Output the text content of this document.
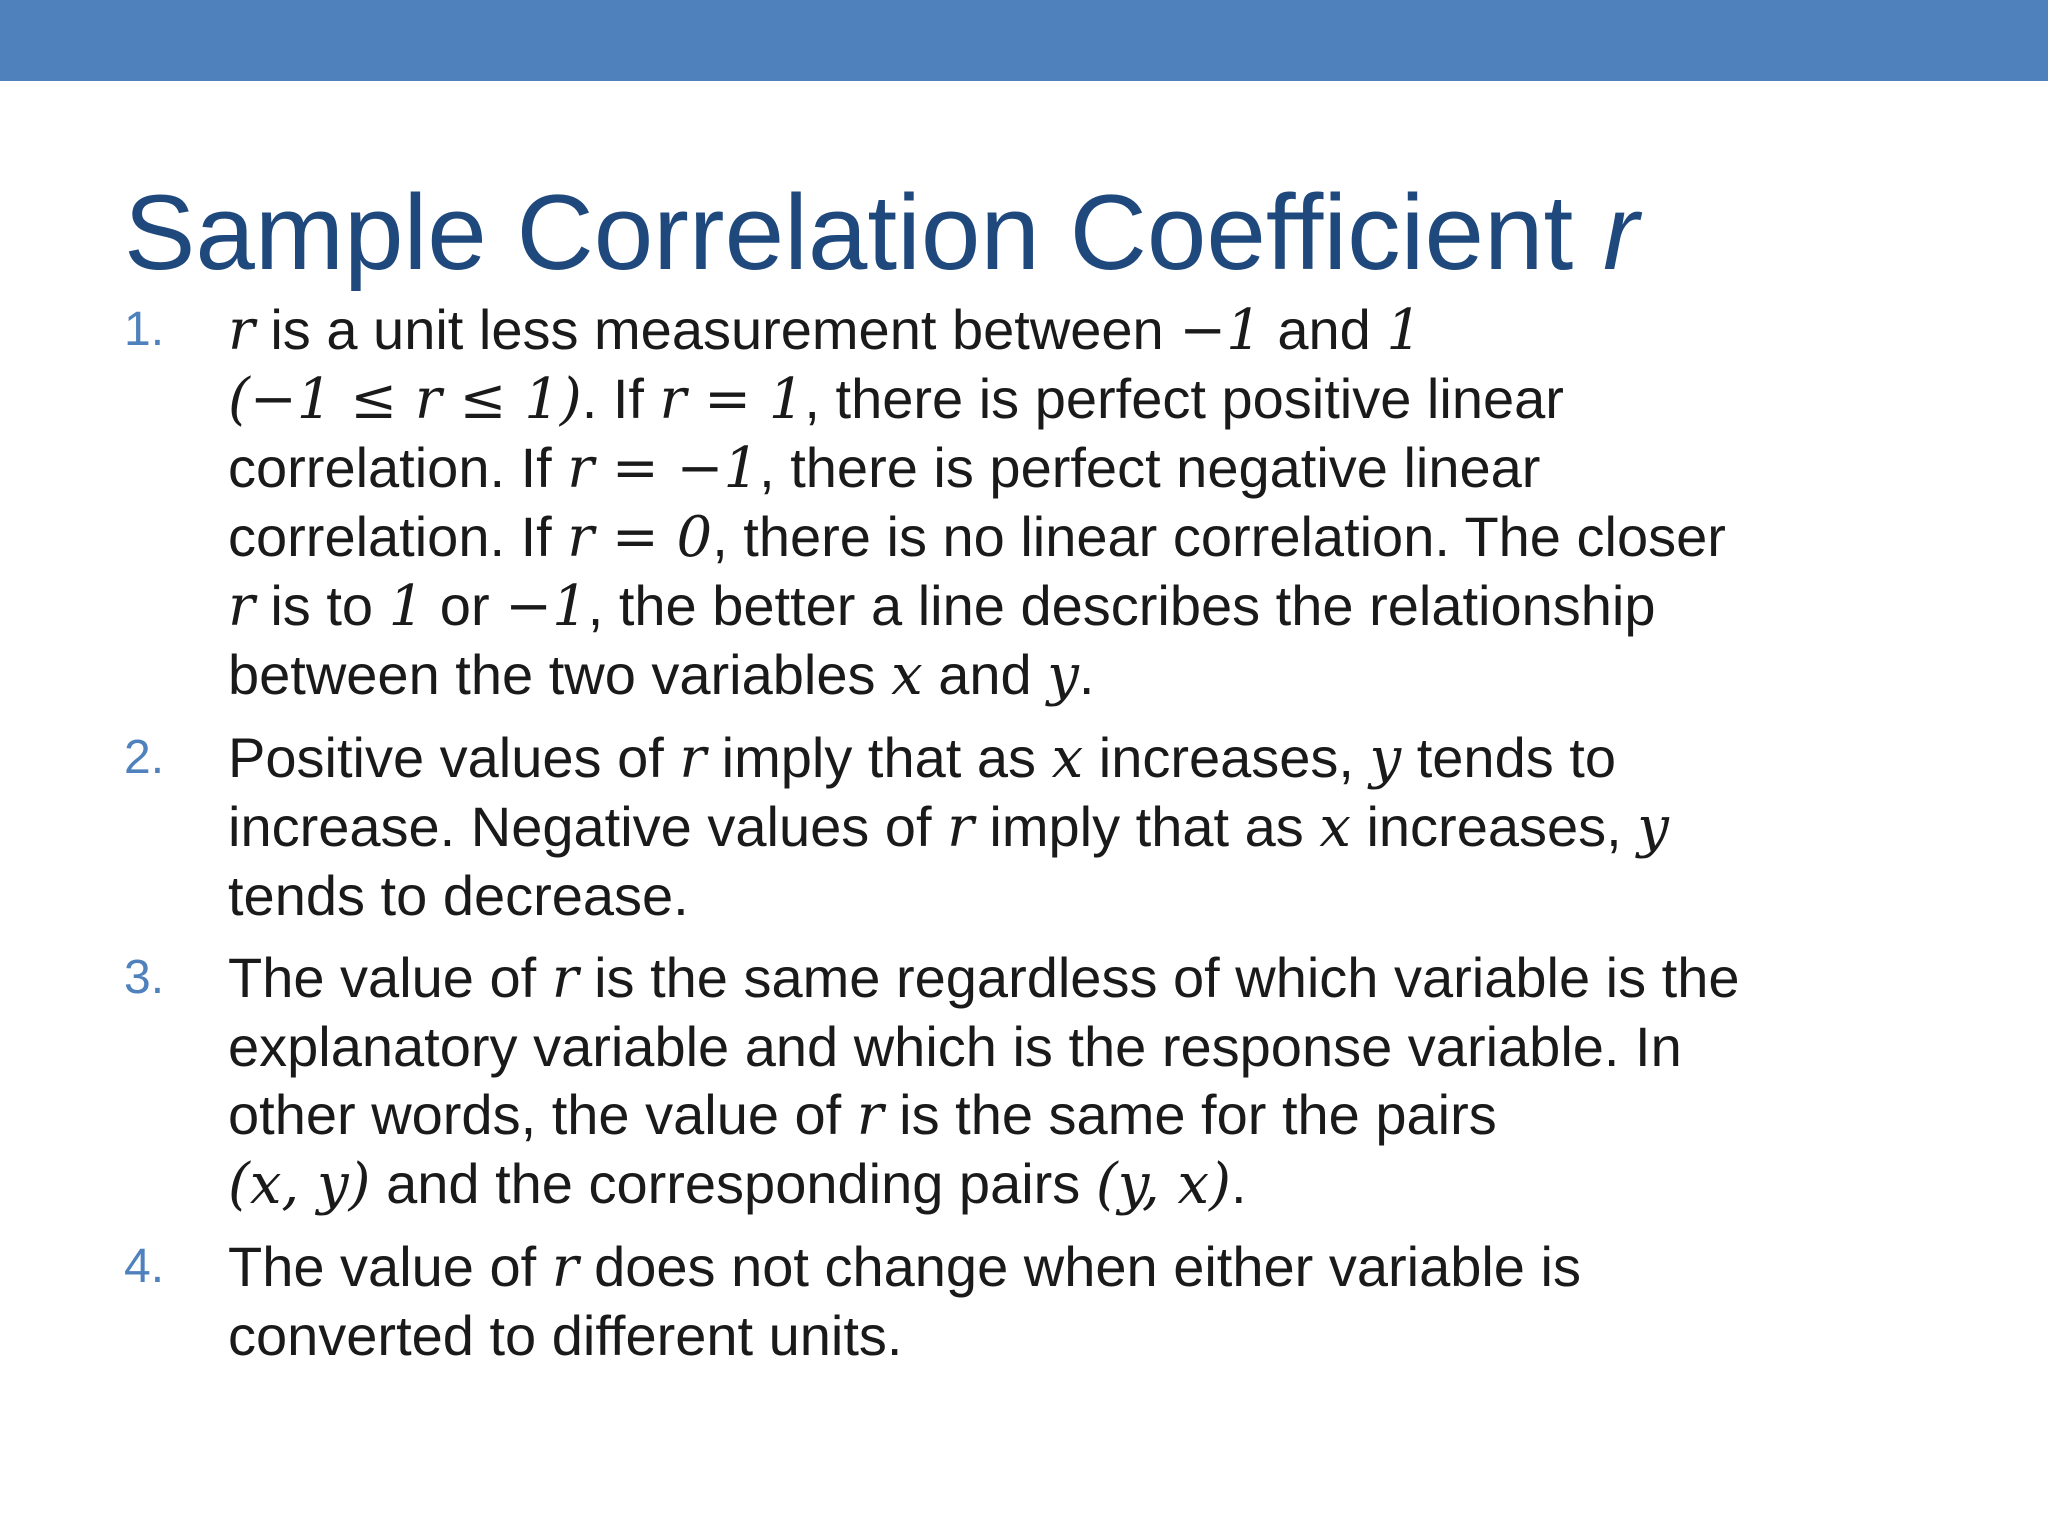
Sample Correlation Coefficient r
1. r is a unit less measurement between −1 and 1
(−1 ≤ r ≤ 1). If r = 1, there is perfect positive linear
correlation. If r = −1, there is perfect negative linear
correlation. If r = 0, there is no linear correlation. The closer
r is to 1 or −1, the better a line describes the relationship
between the two variables x and y.
2. Positive values of r imply that as x increases, y tends to
increase. Negative values of r imply that as x increases, y
tends to decrease.
3. The value of r is the same regardless of which variable is the
explanatory variable and which is the response variable. In
other words, the value of r is the same for the pairs
(x, y) and the corresponding pairs (y, x).
4. The value of r does not change when either variable is
converted to different units.
